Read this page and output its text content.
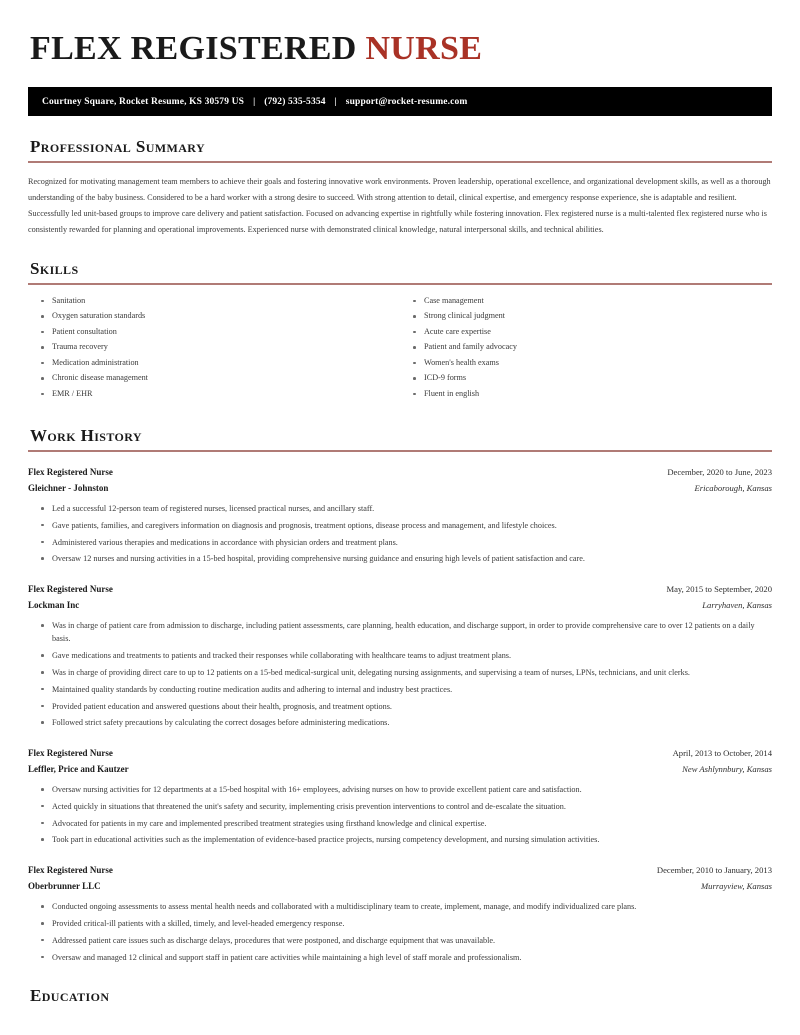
FLEX REGISTERED NURSE
Courtney Square, Rocket Resume, KS 30579 US | (792) 535-5354 | support@rocket-resume.com
Professional Summary
Recognized for motivating management team members to achieve their goals and fostering innovative work environments. Proven leadership, operational excellence, and organizational development skills, as well as a thorough understanding of the baby business. Considered to be a hard worker with a strong desire to succeed. With strong attention to detail, clinical expertise, and emergency response experience, she is adaptable and resilient. Successfully led unit-based groups to improve care delivery and patient satisfaction. Focused on advancing expertise in rightfully while fostering innovation. Flex registered nurse is a multi-talented flex registered nurse who is consistently rewarded for planning and operational improvements. Experienced nurse with demonstrated clinical knowledge, natural interpersonal skills, and technical abilities.
Skills
Sanitation
Oxygen saturation standards
Patient consultation
Trauma recovery
Medication administration
Chronic disease management
EMR / EHR
Case management
Strong clinical judgment
Acute care expertise
Patient and family advocacy
Women's health exams
ICD-9 forms
Fluent in english
Work History
Flex Registered Nurse	December, 2020 to June, 2023
Gleichner - Johnston	Ericaborough, Kansas
Led a successful 12-person team of registered nurses, licensed practical nurses, and ancillary staff.
Gave patients, families, and caregivers information on diagnosis and prognosis, treatment options, disease process and management, and lifestyle choices.
Administered various therapies and medications in accordance with physician orders and treatment plans.
Oversaw 12 nurses and nursing activities in a 15-bed hospital, providing comprehensive nursing guidance and ensuring high levels of patient satisfaction and care.
Flex Registered Nurse	May, 2015 to September, 2020
Lockman Inc	Larryhaven, Kansas
Was in charge of patient care from admission to discharge, including patient assessments, care planning, health education, and discharge support, in order to provide comprehensive care to over 12 patients on a daily basis.
Gave medications and treatments to patients and tracked their responses while collaborating with healthcare teams to adjust treatment plans.
Was in charge of providing direct care to up to 12 patients on a 15-bed medical-surgical unit, delegating nursing assignments, and supervising a team of nurses, LPNs, technicians, and unit clerks.
Maintained quality standards by conducting routine medication audits and adhering to internal and industry best practices.
Provided patient education and answered questions about their health, prognosis, and treatment options.
Followed strict safety precautions by calculating the correct dosages before administering medications.
Flex Registered Nurse	April, 2013 to October, 2014
Leffler, Price and Kautzer	New Ashlynnbury, Kansas
Oversaw nursing activities for 12 departments at a 15-bed hospital with 16+ employees, advising nurses on how to provide excellent patient care and satisfaction.
Acted quickly in situations that threatened the unit's safety and security, implementing crisis prevention interventions to control and de-escalate the situation.
Advocated for patients in my care and implemented prescribed treatment strategies using firsthand knowledge and clinical expertise.
Took part in educational activities such as the implementation of evidence-based practice projects, nursing competency development, and nursing simulation activities.
Flex Registered Nurse	December, 2010 to January, 2013
Oberbrunner LLC	Murrayview, Kansas
Conducted ongoing assessments to assess mental health needs and collaborated with a multidisciplinary team to create, implement, manage, and modify individualized care plans.
Provided critical-ill patients with a skilled, timely, and level-headed emergency response.
Addressed patient care issues such as discharge delays, procedures that were postponed, and discharge equipment that was unavailable.
Oversaw and managed 12 clinical and support staff in patient care activities while maintaining a high level of staff morale and professionalism.
Education
